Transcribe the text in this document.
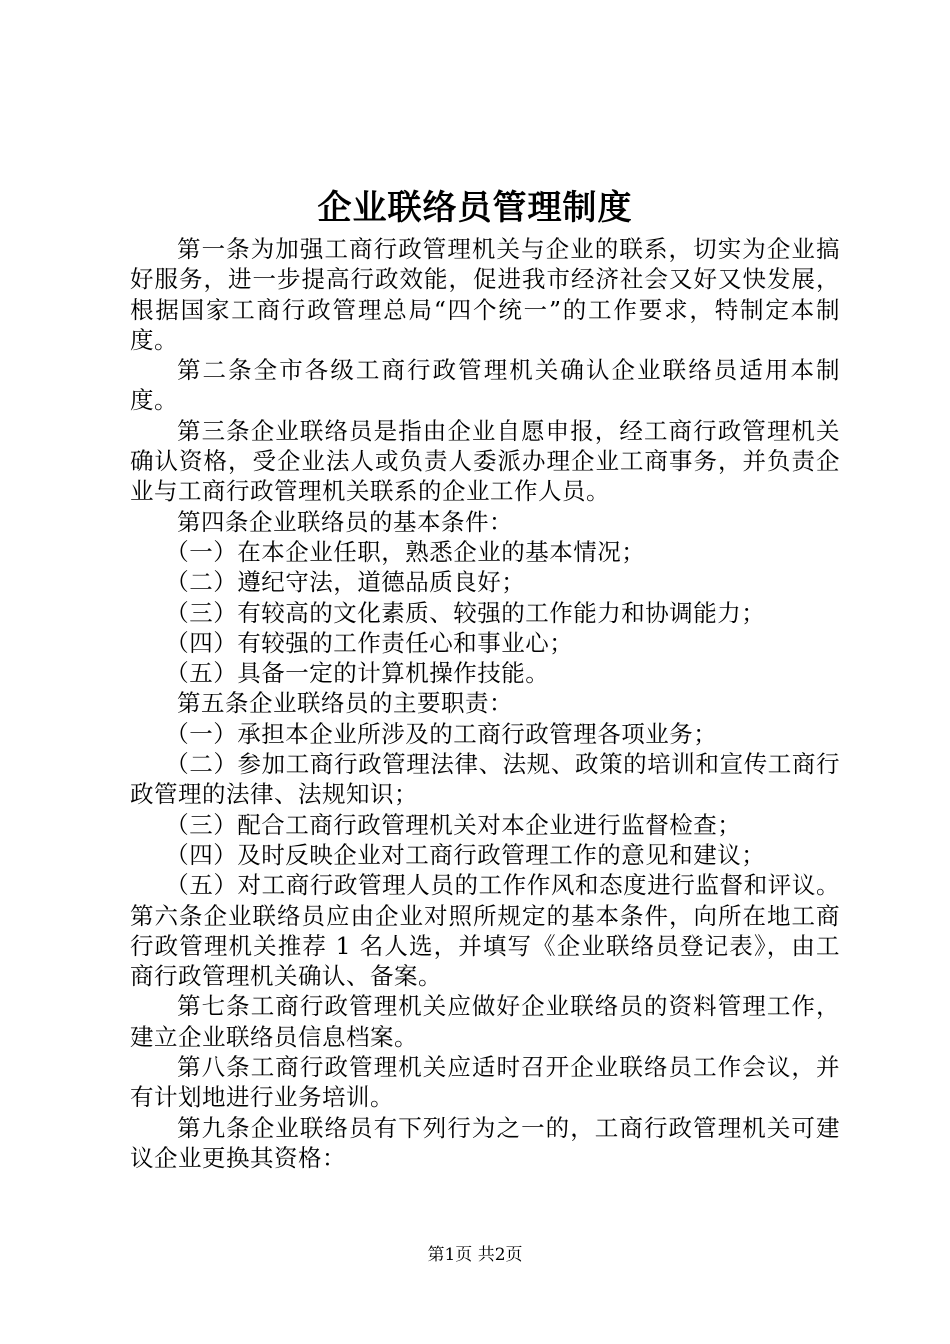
企业联络员管理制度

第一条为加强工商行政管理机关与企业的联系，切实为企业搞好服务，进一步提高行政效能，促进我市经济社会又好又快发展，根据国家工商行政管理总局“四个统一”的工作要求，特制定本制度。

第二条全市各级工商行政管理机关确认企业联络员适用本制度。

第三条企业联络员是指由企业自愿申报，经工商行政管理机关确认资格，受企业法人或负责人委派办理企业工商事务，并负责企业与工商行政管理机关联系的企业工作人员。

第四条企业联络员的基本条件：

（一）在本企业任职，熟悉企业的基本情况；

（二）遵纪守法，道德品质良好；

（三）有较高的文化素质、较强的工作能力和协调能力；

（四）有较强的工作责任心和事业心；

（五）具备一定的计算机操作技能。

第五条企业联络员的主要职责：

（一）承担本企业所涉及的工商行政管理各项业务；

（二）参加工商行政管理法律、法规、政策的培训和宣传工商行政管理的法律、法规知识；

（三）配合工商行政管理机关对本企业进行监督检查；

（四）及时反映企业对工商行政管理工作的意见和建议；

（五）对工商行政管理人员的工作作风和态度进行监督和评议。第六条企业联络员应由企业对照所规定的基本条件，向所在地工商行政管理机关推荐 1 名人选，并填写《企业联络员登记表》，由工商行政管理机关确认、备案。

第七条工商行政管理机关应做好企业联络员的资料管理工作，建立企业联络员信息档案。

第八条工商行政管理机关应适时召开企业联络员工作会议，并有计划地进行业务培训。

第九条企业联络员有下列行为之一的，工商行政管理机关可建议企业更换其资格：

第1页 共2页
